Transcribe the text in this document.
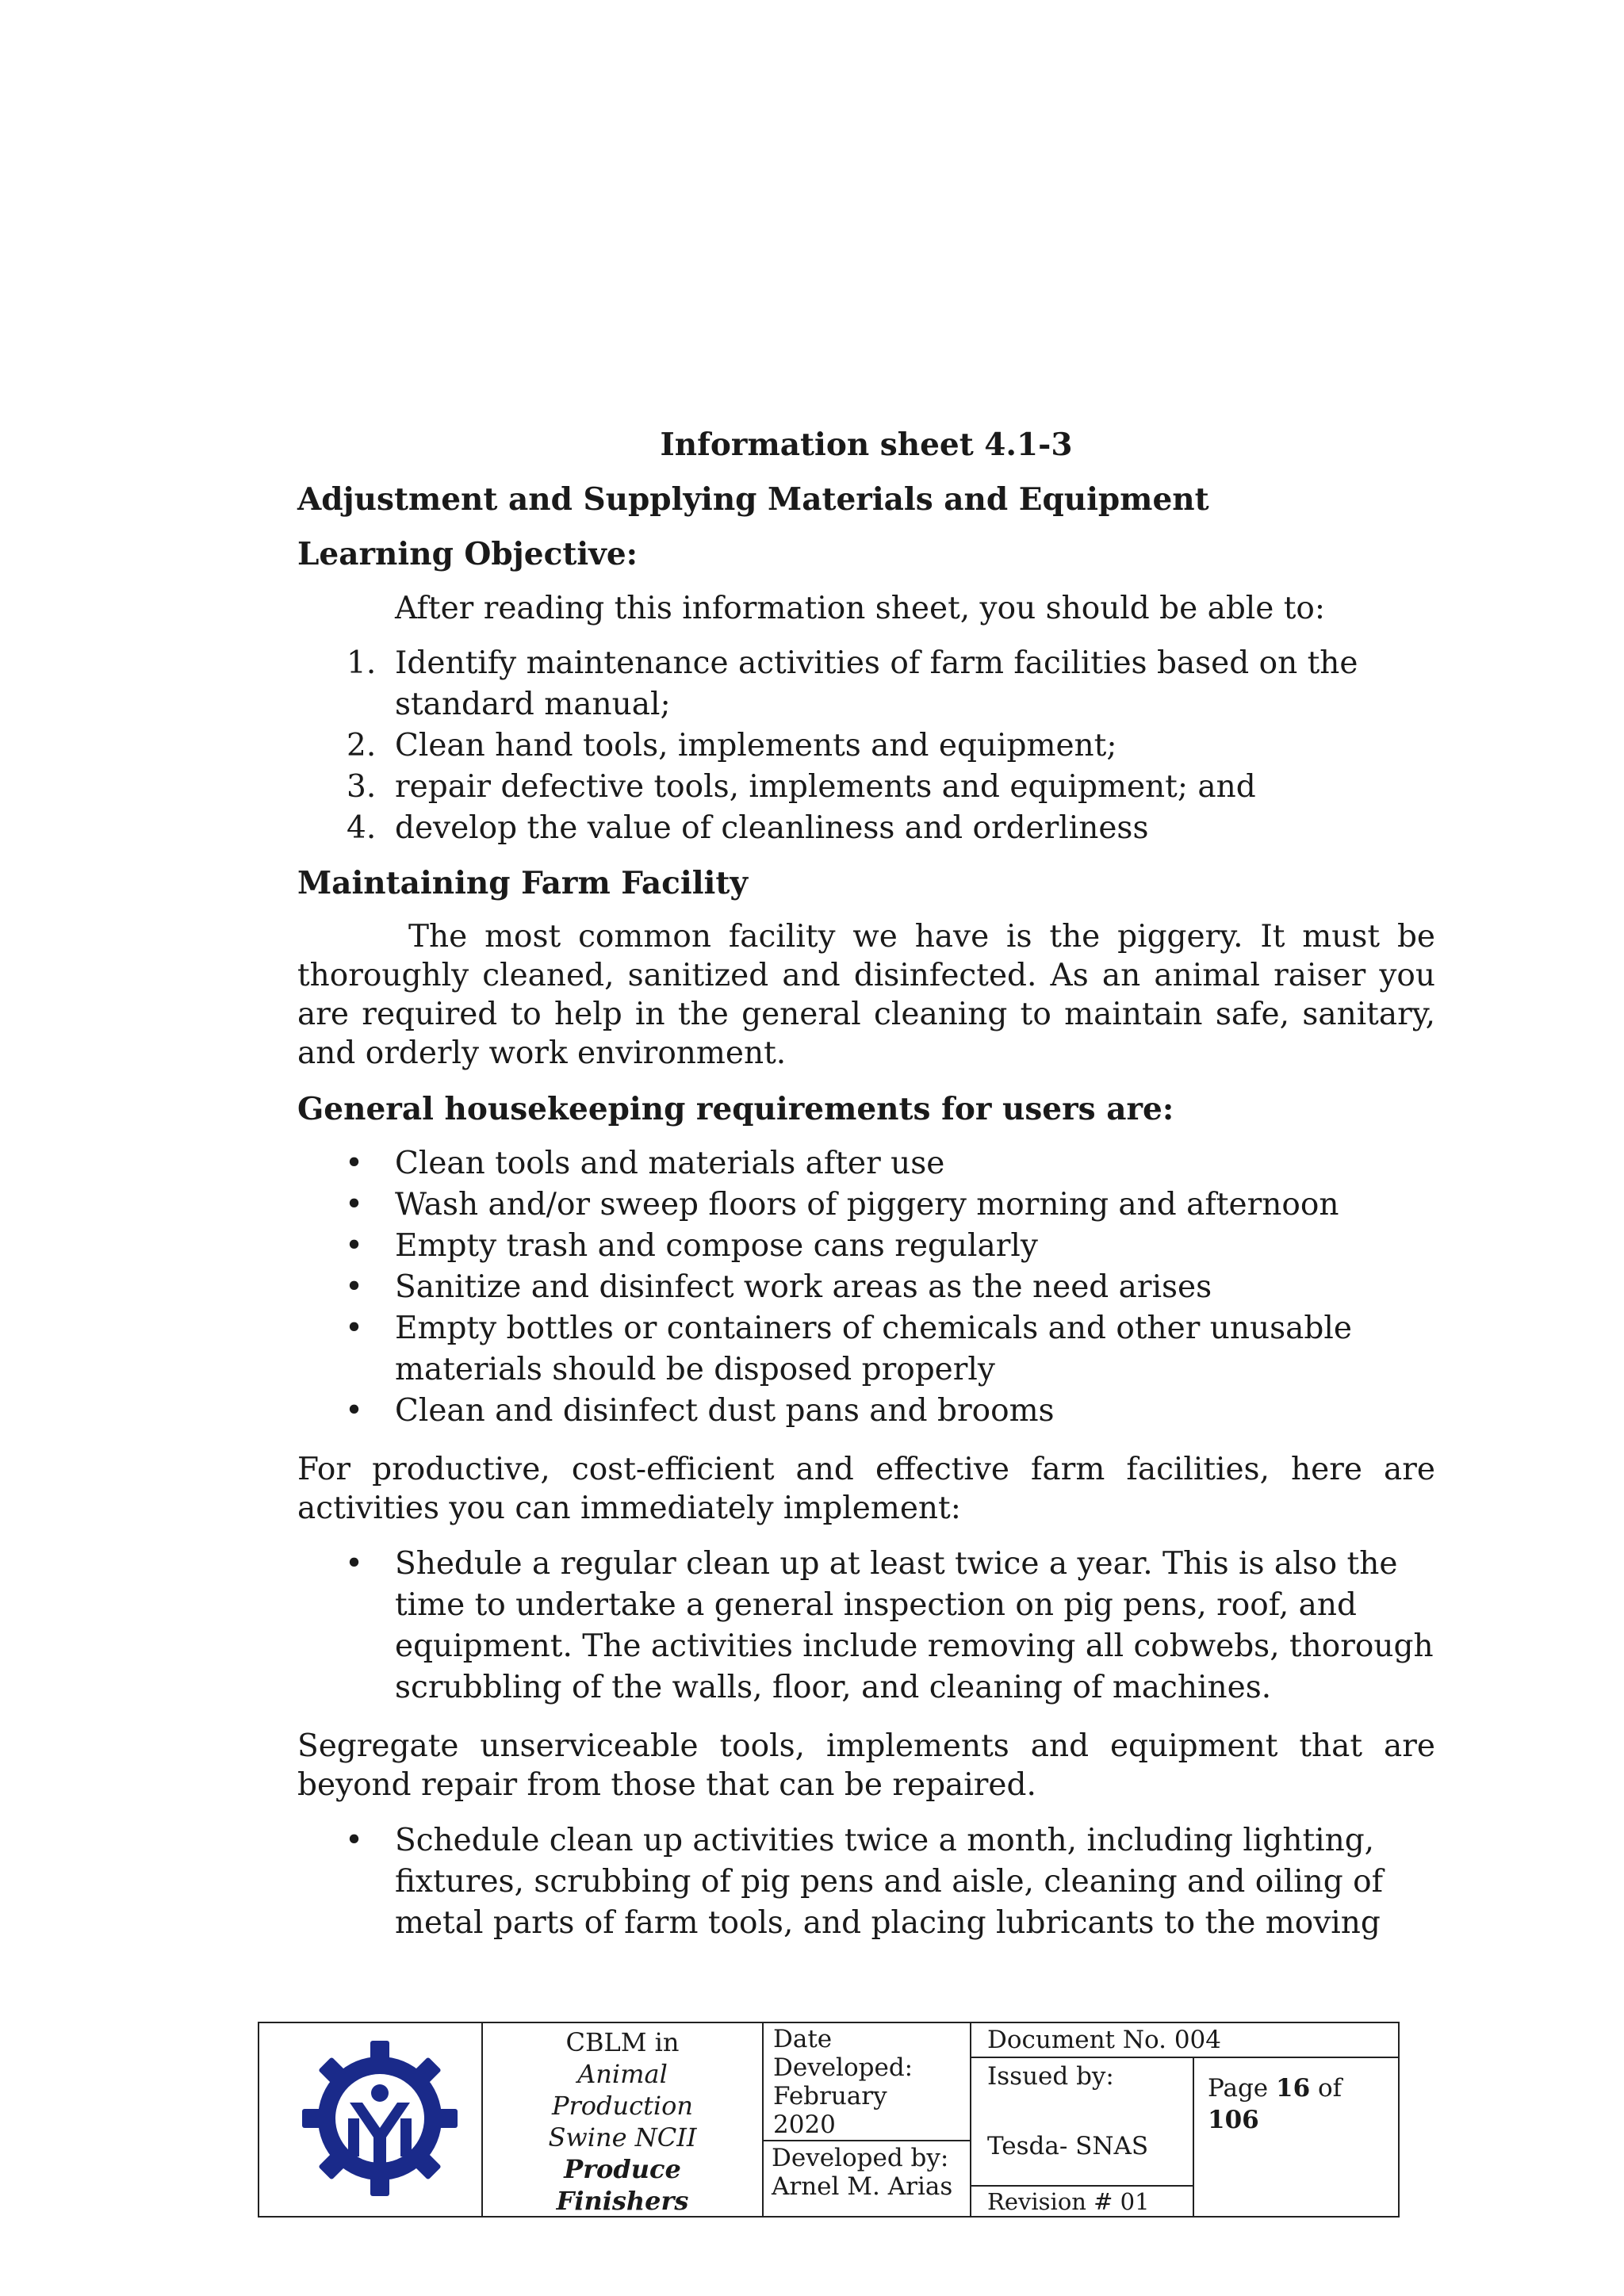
Information sheet 4.1-3

Adjustment and Supplying Materials and Equipment

Learning Objective:

After reading this information sheet, you should be able to:

1. Identify maintenance activities of farm facilities based on the standard manual;
2. Clean hand tools, implements and equipment;
3. repair defective tools, implements and equipment; and
4. develop the value of cleanliness and orderliness

Maintaining Farm Facility

The most common facility we have is the piggery. It must be thoroughly cleaned, sanitized and disinfected. As an animal raiser you are required to help in the general cleaning to maintain safe, sanitary, and orderly work environment.

General housekeeping requirements for users are:

• Clean tools and materials after use
• Wash and/or sweep floors of piggery morning and afternoon
• Empty trash and compose cans regularly
• Sanitize and disinfect work areas as the need arises
• Empty bottles or containers of chemicals and other unusable materials should be disposed properly
• Clean and disinfect dust pans and brooms

For productive, cost-efficient and effective farm facilities, here are activities you can immediately implement:

• Shedule a regular clean up at least twice a year. This is also the time to undertake a general inspection on pig pens, roof, and equipment. The activities include removing all cobwebs, thorough scrubbling of the walls, floor, and cleaning of machines.

Segregate unserviceable tools, implements and equipment that are beyond repair from those that can be repaired.

• Schedule clean up activities twice a month, including lighting, fixtures, scrubbing of pig pens and aisle, cleaning and oiling of metal parts of farm tools, and placing lubricants to the moving
CBLM in
Animal
Production
Swine NCII
Produce
Finishers
Date
Developed:
February
2020
Developed by:
Arnel M. Arias
Document No. 004
Issued by:
Tesda- SNAS
Revision # 01
Page 16 of
106
